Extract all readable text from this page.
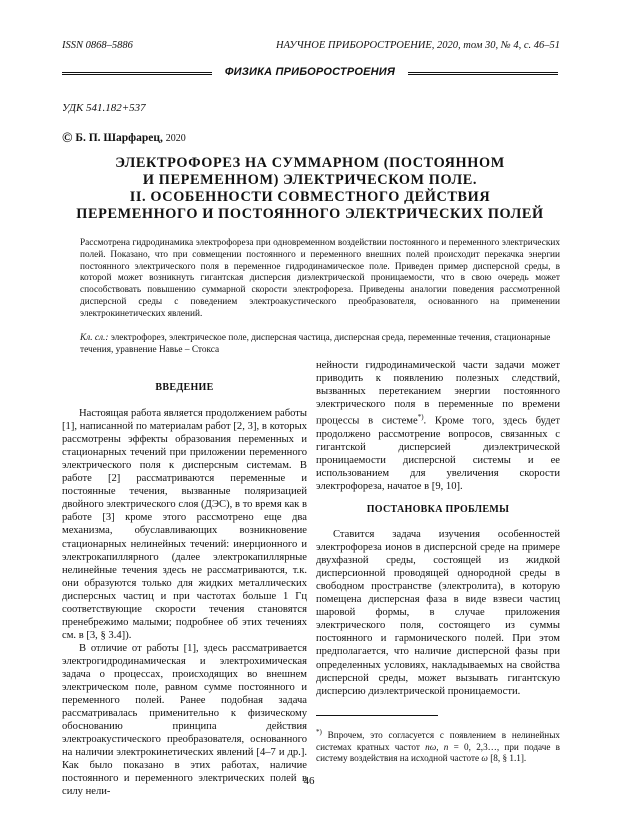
ISSN 0868–5886	НАУЧНОЕ ПРИБОРОСТРОЕНИЕ, 2020, том 30, № 4, c. 46–51
ФИЗИКА ПРИБОРОСТРОЕНИЯ
УДК 541.182+537
© Б. П. Шарфарец, 2020
ЭЛЕКТРОФОРЕЗ НА СУММАРНОМ (ПОСТОЯННОМ
И ПЕРЕМЕННОМ) ЭЛЕКТРИЧЕСКОМ ПОЛЕ.
II. ОСОБЕННОСТИ СОВМЕСТНОГО ДЕЙСТВИЯ
ПЕРЕМЕННОГО И ПОСТОЯННОГО ЭЛЕКТРИЧЕСКИХ ПОЛЕЙ
Рассмотрена гидродинамика электрофореза при одновременном воздействии постоянного и переменного электрических полей. Показано, что при совмещении постоянного и переменного внешних полей происходит перекачка энергии постоянного электрического поля в переменное гидродинамическое поле. Приведен пример дисперсной среды, в которой может возникнуть гигантская дисперсия диэлектрической проницаемости, что в свою очередь может способствовать повышению суммарной скорости электрофореза. Приведены аналогии поведения рассмотренной дисперсной среды с поведением электроакустического преобразователя, основанного на применении электрокинетических явлений.
Кл. сл.: электрофорез, электрическое поле, дисперсная частица, дисперсная среда, переменные течения, стационарные течения, уравнение Навье – Стокса
ВВЕДЕНИЕ

Настоящая работа является продолжением работы [1], написанной по материалам работ [2, 3], в которых рассмотрены эффекты образования переменных и стационарных течений при приложении переменного электрического поля к дисперсным системам. В работе [2] рассматриваются переменные и постоянные течения, вызванные поляризацией двойного электрического слоя (ДЭС), в то время как в работе [3] кроме этого рассмотрено еще два механизма, обуславливающих возникновение стационарных нелинейных течений: инерционного и электрокапиллярного (далее электрокапиллярные нелинейные течения здесь не рассматриваются, т.к. они образуются только для жидких металлических дисперсных частиц и при частотах больше 1 Гц соответствующие скорости течения становятся пренебрежимо малыми; подробнее об этих течениях см. в [3, § 3.4]).

В отличие от работы [1], здесь рассматривается электрогидродинамическая и электрохимическая задача о процессах, происходящих во внешнем электрическом поле, равном сумме постоянного и переменного полей. Ранее подобная задача рассматривалась применительно к физическому обоснованию принципа действия электроакустического преобразователя, основанного на наличии электрокинетических явлений [4–7 и др.]. Как было показано в этих работах, наличие постоянного и переменного электрических полей в силу нели-

нейности гидродинамической части задачи может приводить к появлению полезных следствий, вызванных перетеканием энергии постоянного электрического поля в переменные по времени процессы в системе*). Кроме того, здесь будет продолжено рассмотрение вопросов, связанных с гигантской дисперсией диэлектрической проницаемости дисперсной системы и ее использованием для увеличения скорости электрофореза, начатое в [9, 10].

ПОСТАНОВКА ПРОБЛЕМЫ

Ставится задача изучения особенностей электрофореза ионов в дисперсной среде на примере двухфазной среды, состоящей из жидкой дисперсионной проводящей однородной среды в свободном пространстве (электролита), в которую помещена дисперсная фаза в виде взвеси частиц шаровой формы, в случае приложения электрического поля, состоящего из суммы постоянного и гармонического полей. При этом предполагается, что наличие дисперсной фазы при определенных условиях, накладываемых на свойства дисперсной среды, может вызывать гигантскую дисперсию диэлектрической проницаемости.

*) Впрочем, это согласуется с появлением в нелинейных системах кратных частот nω, n = 0, 2,3…, при подаче в систему воздействия на исходной частоте ω [8, § 1.1].
46
